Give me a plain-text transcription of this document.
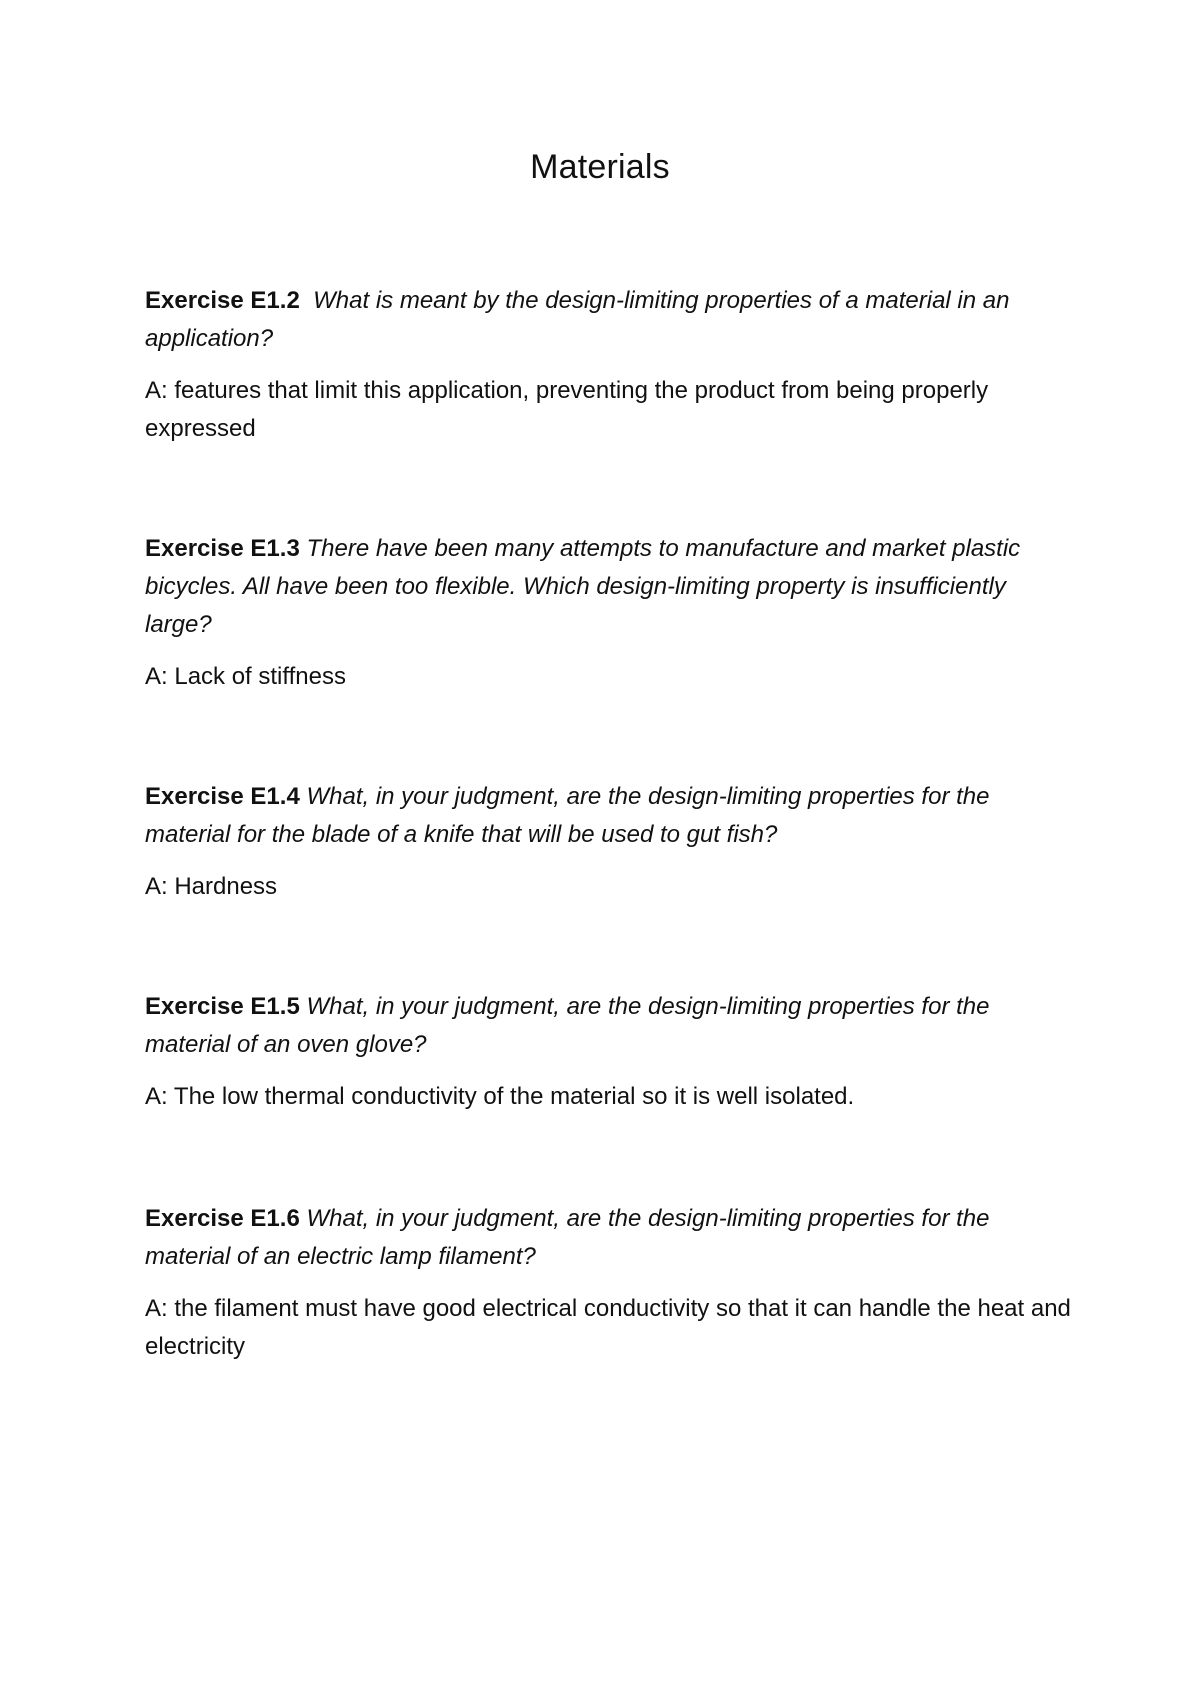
Materials

Exercise E1.2 What is meant by the design-limiting properties of a material in an application?

A: features that limit this application, preventing the product from being properly expressed

Exercise E1.3 There have been many attempts to manufacture and market plastic bicycles. All have been too flexible. Which design-limiting property is insufficiently large?

A: Lack of stiffness

Exercise E1.4 What, in your judgment, are the design-limiting properties for the material for the blade of a knife that will be used to gut fish?

A: Hardness

Exercise E1.5 What, in your judgment, are the design-limiting properties for the material of an oven glove?

A: The low thermal conductivity of the material so it is well isolated.

Exercise E1.6 What, in your judgment, are the design-limiting properties for the material of an electric lamp filament?

A: the filament must have good electrical conductivity so that it can handle the heat and electricity
